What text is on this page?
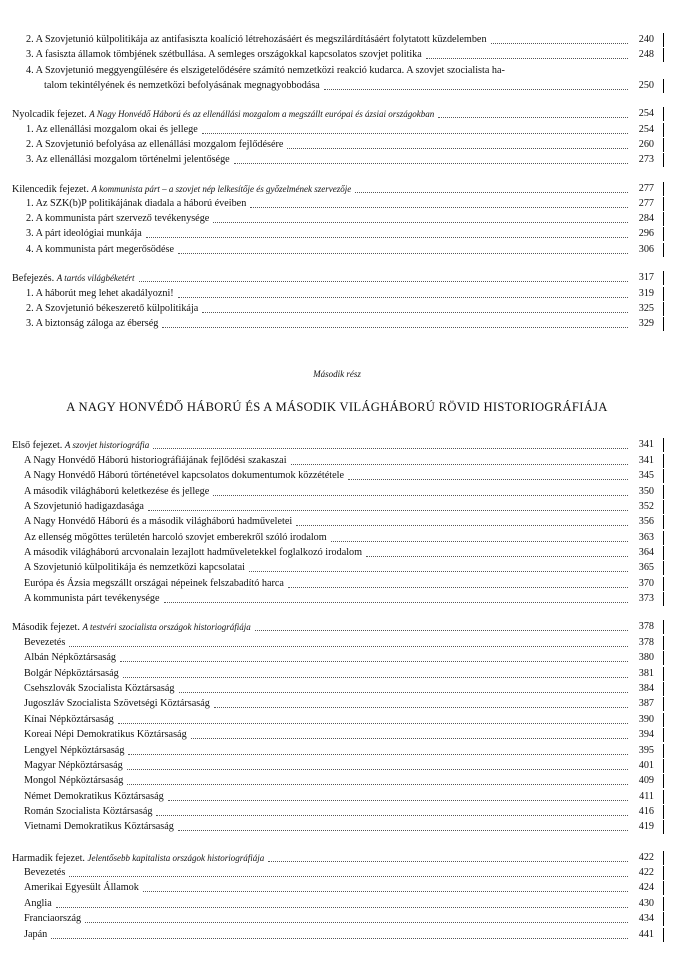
Második rész
A NAGY HONVÉDŐ HÁBORÚ ÉS A MÁSODIK VILÁGHÁBORÚ RÖVID HISTORIOGRÁFIÁJA
2. A Szovjetunió külpolitikája az antifasiszta koalíció létrehozásáért és megszilárdításáért folytatott küzdelemben	240
3. A fasiszta államok tömbjének szétbullása. A semleges országokkal kapcsolatos szovjet politika	248
4. A Szovjetunió meggyengülésére és elszigetelődésére számító nemzetközi reakció kudarca. A szovjet szocialista ha-
talom tekintélyének és nemzetközi befolyásának megnagyobbodása	250
Nyolcadik fejezet. A Nagy Honvédő Háború és az ellenállási mozgalom a megszállt európai és ázsiai országokban	254
1. Az ellenállási mozgalom okai és jellege	254
2. A Szovjetunió befolyása az ellenállási mozgalom fejlődésére	260
3. Az ellenállási mozgalom történelmi jelentősége	273
Kilencedik fejezet. A kommunista párt – a szovjet nép lelkesítője és győzelmének szervezője	277
1. Az SZK(b)P politikájának diadala a háború éveiben	277
2. A kommunista párt szervező tevékenysége	284
3. A párt ideológiai munkája	296
4. A kommunista párt megerősödése	306
Befejezés. A tartós világbéketért	317
1. A háborút meg lehet akadályozni!	319
2. A Szovjetunió békeszerető külpolitikája	325
3. A biztonság záloga az éberség	329
Első fejezet. A szovjet historiográfia	341
A Nagy Honvédő Háború historiográfiájának fejlődési szakaszai	341
A Nagy Honvédő Háború történetével kapcsolatos dokumentumok közzététele	345
A második világháború keletkezése és jellege	350
A Szovjetunió hadigazdasága	352
A Nagy Honvédő Háború és a második világháború hadműveletei	356
Az ellenség mögöttes területén harcoló szovjet emberekről szóló irodalom	363
A második világháború arcvonalain lezajlott hadműveletekkel foglalkozó irodalom	364
A Szovjetunió külpolitikája és nemzetközi kapcsolatai	365
Európa és Ázsia megszállt országai népeinek felszabadító harca	370
A kommunista párt tevékenysége	373
Második fejezet. A testvéri szocialista országok historiográfiája	378
Bevezetés	378
Albán Népköztársaság	380
Bolgár Népköztársaság	381
Csehszlovák Szocialista Köztársaság	384
Jugoszláv Szocialista Szövetségi Köztársaság	387
Kínai Népköztársaság	390
Koreai Népi Demokratikus Köztársaság	394
Lengyel Népköztársaság	395
Magyar Népköztársaság	401
Mongol Népköztársaság	409
Német Demokratikus Köztársaság	411
Román Szocialista Köztársaság	416
Vietnami Demokratikus Köztársaság	419
Harmadik fejezet. Jelentősebb kapitalista országok historiográfiája	422
Bevezetés	422
Amerikai Egyesült Államok	424
Anglia	430
Franciaország	434
Japán	441
